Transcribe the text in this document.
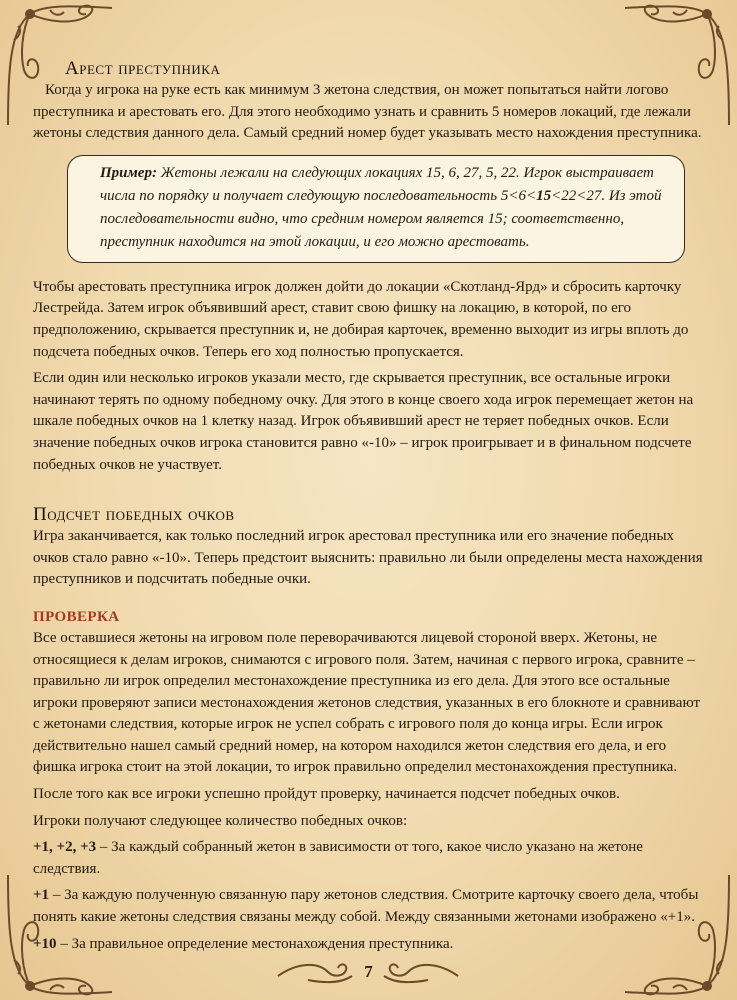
Арест преступника

Когда у игрока на руке есть как минимум 3 жетона следствия, он может попытаться найти логово преступника и арестовать его. Для этого необходимо узнать и сравнить 5 номеров локаций, где лежали жетоны следствия данного дела. Самый средний номер будет указывать место нахождения преступника.

Пример: Жетоны лежали на следующих локациях 15, 6, 27, 5, 22. Игрок выстраивает числа по порядку и получает следующую последовательность 5<6<15<22<27. Из этой последовательности видно, что средним номером является 15; соответственно, преступник находится на этой локации, и его можно арестовать.

Чтобы арестовать преступника игрок должен дойти до локации «Скотланд-Ярд» и сбросить карточку Лестрейда. Затем игрок объявивший арест, ставит свою фишку на локацию, в которой, по его предположению, скрывается преступник и, не добирая карточек, временно выходит из игры вплоть до подсчета победных очков. Теперь его ход полностью пропускается.

Если один или несколько игроков указали место, где скрывается преступник, все остальные игроки начинают терять по одному победному очку. Для этого в конце своего хода игрок перемещает жетон на шкале победных очков на 1 клетку назад. Игрок объявивший арест не теряет победных очков. Если значение победных очков игрока становится равно «-10» – игрок проигрывает и в финальном подсчете победных очков не участвует.

Подсчет победных очков

Игра заканчивается, как только последний игрок арестовал преступника или его значение победных очков стало равно «-10». Теперь предстоит выяснить: правильно ли были определены места нахождения преступников и подсчитать победные очки.

ПРОВЕРКА

Все оставшиеся жетоны на игровом поле переворачиваются лицевой стороной вверх. Жетоны, не относящиеся к делам игроков, снимаются с игрового поля. Затем, начиная с первого игрока, сравните – правильно ли игрок определил местонахождение преступника из его дела. Для этого все остальные игроки проверяют записи местонахождения жетонов следствия, указанных в его блокноте и сравнивают с жетонами следствия, которые игрок не успел собрать с игрового поля до конца игры. Если игрок действительно нашел самый средний номер, на котором находился жетон следствия его дела, и его фишка игрока стоит на этой локации, то игрок правильно определил местонахождения преступника.

После того как все игроки успешно пройдут проверку, начинается подсчет победных очков.

Игроки получают следующее количество победных очков:

+1, +2, +3 – За каждый собранный жетон в зависимости от того, какое число указано на жетоне следствия.

+1 – За каждую полученную связанную пару жетонов следствия. Смотрите карточку своего дела, чтобы понять какие жетоны следствия связаны между собой. Между связанными жетонами изображено «+1».

+10 – За правильное определение местонахождения преступника.

7
